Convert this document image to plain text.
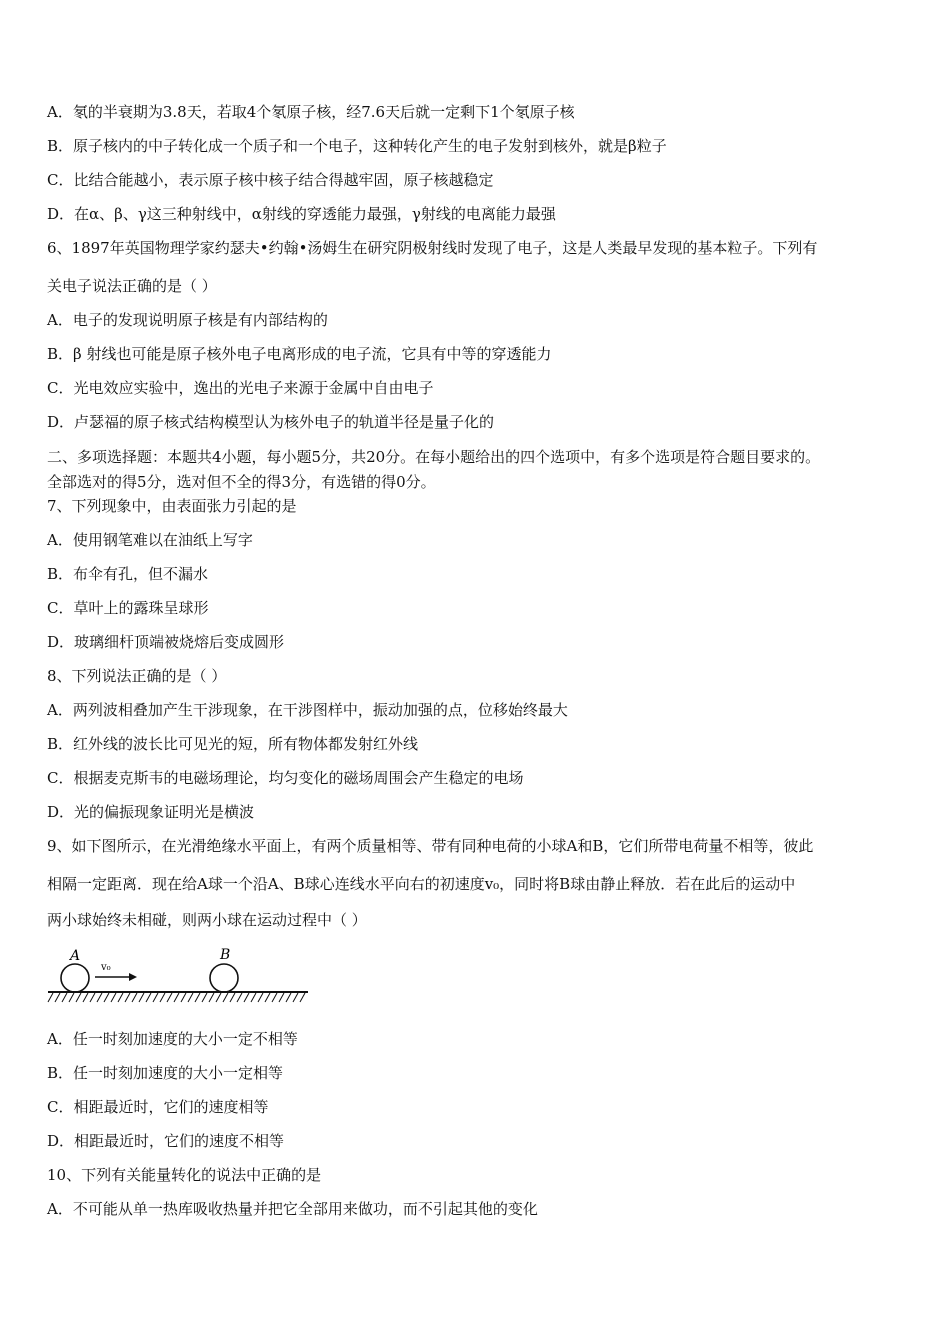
A．氡的半衰期为3.8天，若取4个氡原子核，经7.6天后就一定剩下1个氡原子核
B．原子核内的中子转化成一个质子和一个电子，这种转化产生的电子发射到核外，就是β粒子
C．比结合能越小，表示原子核中核子结合得越牢固，原子核越稳定
D．在α、β、γ这三种射线中，α射线的穿透能力最强，γ射线的电离能力最强
6、1897年英国物理学家约瑟夫•约翰•汤姆生在研究阴极射线时发现了电子，这是人类最早发现的基本粒子。下列有
关电子说法正确的是（ ）
A．电子的发现说明原子核是有内部结构的
B．β 射线也可能是原子核外电子电离形成的电子流，它具有中等的穿透能力
C．光电效应实验中，逸出的光电子来源于金属中自由电子
D．卢瑟福的原子核式结构模型认为核外电子的轨道半径是量子化的
二、多项选择题：本题共4小题，每小题5分，共20分。在每小题给出的四个选项中，有多个选项是符合题目要求的。
全部选对的得5分，选对但不全的得3分，有选错的得0分。
7、下列现象中，由表面张力引起的是
A．使用钢笔难以在油纸上写字
B．布伞有孔，但不漏水
C．草叶上的露珠呈球形
D．玻璃细杆顶端被烧熔后变成圆形
8、下列说法正确的是（ ）
A．两列波相叠加产生干涉现象，在干涉图样中，振动加强的点，位移始终最大
B．红外线的波长比可见光的短，所有物体都发射红外线
C．根据麦克斯韦的电磁场理论，均匀变化的磁场周围会产生稳定的电场
D．光的偏振现象证明光是横波
9、如下图所示，在光滑绝缘水平面上，有两个质量相等、带有同种电荷的小球A和B，它们所带电荷量不相等，彼此
相隔一定距离．现在给A球一个沿A、B球心连线水平向右的初速度v₀，同时将B球由静止释放．若在此后的运动中
两小球始终未相碰，则两小球在运动过程中（ ）
A	B
v₀
A．任一时刻加速度的大小一定不相等
B．任一时刻加速度的大小一定相等
C．相距最近时，它们的速度相等
D．相距最近时，它们的速度不相等
10、下列有关能量转化的说法中正确的是
A．不可能从单一热库吸收热量并把它全部用来做功，而不引起其他的变化
